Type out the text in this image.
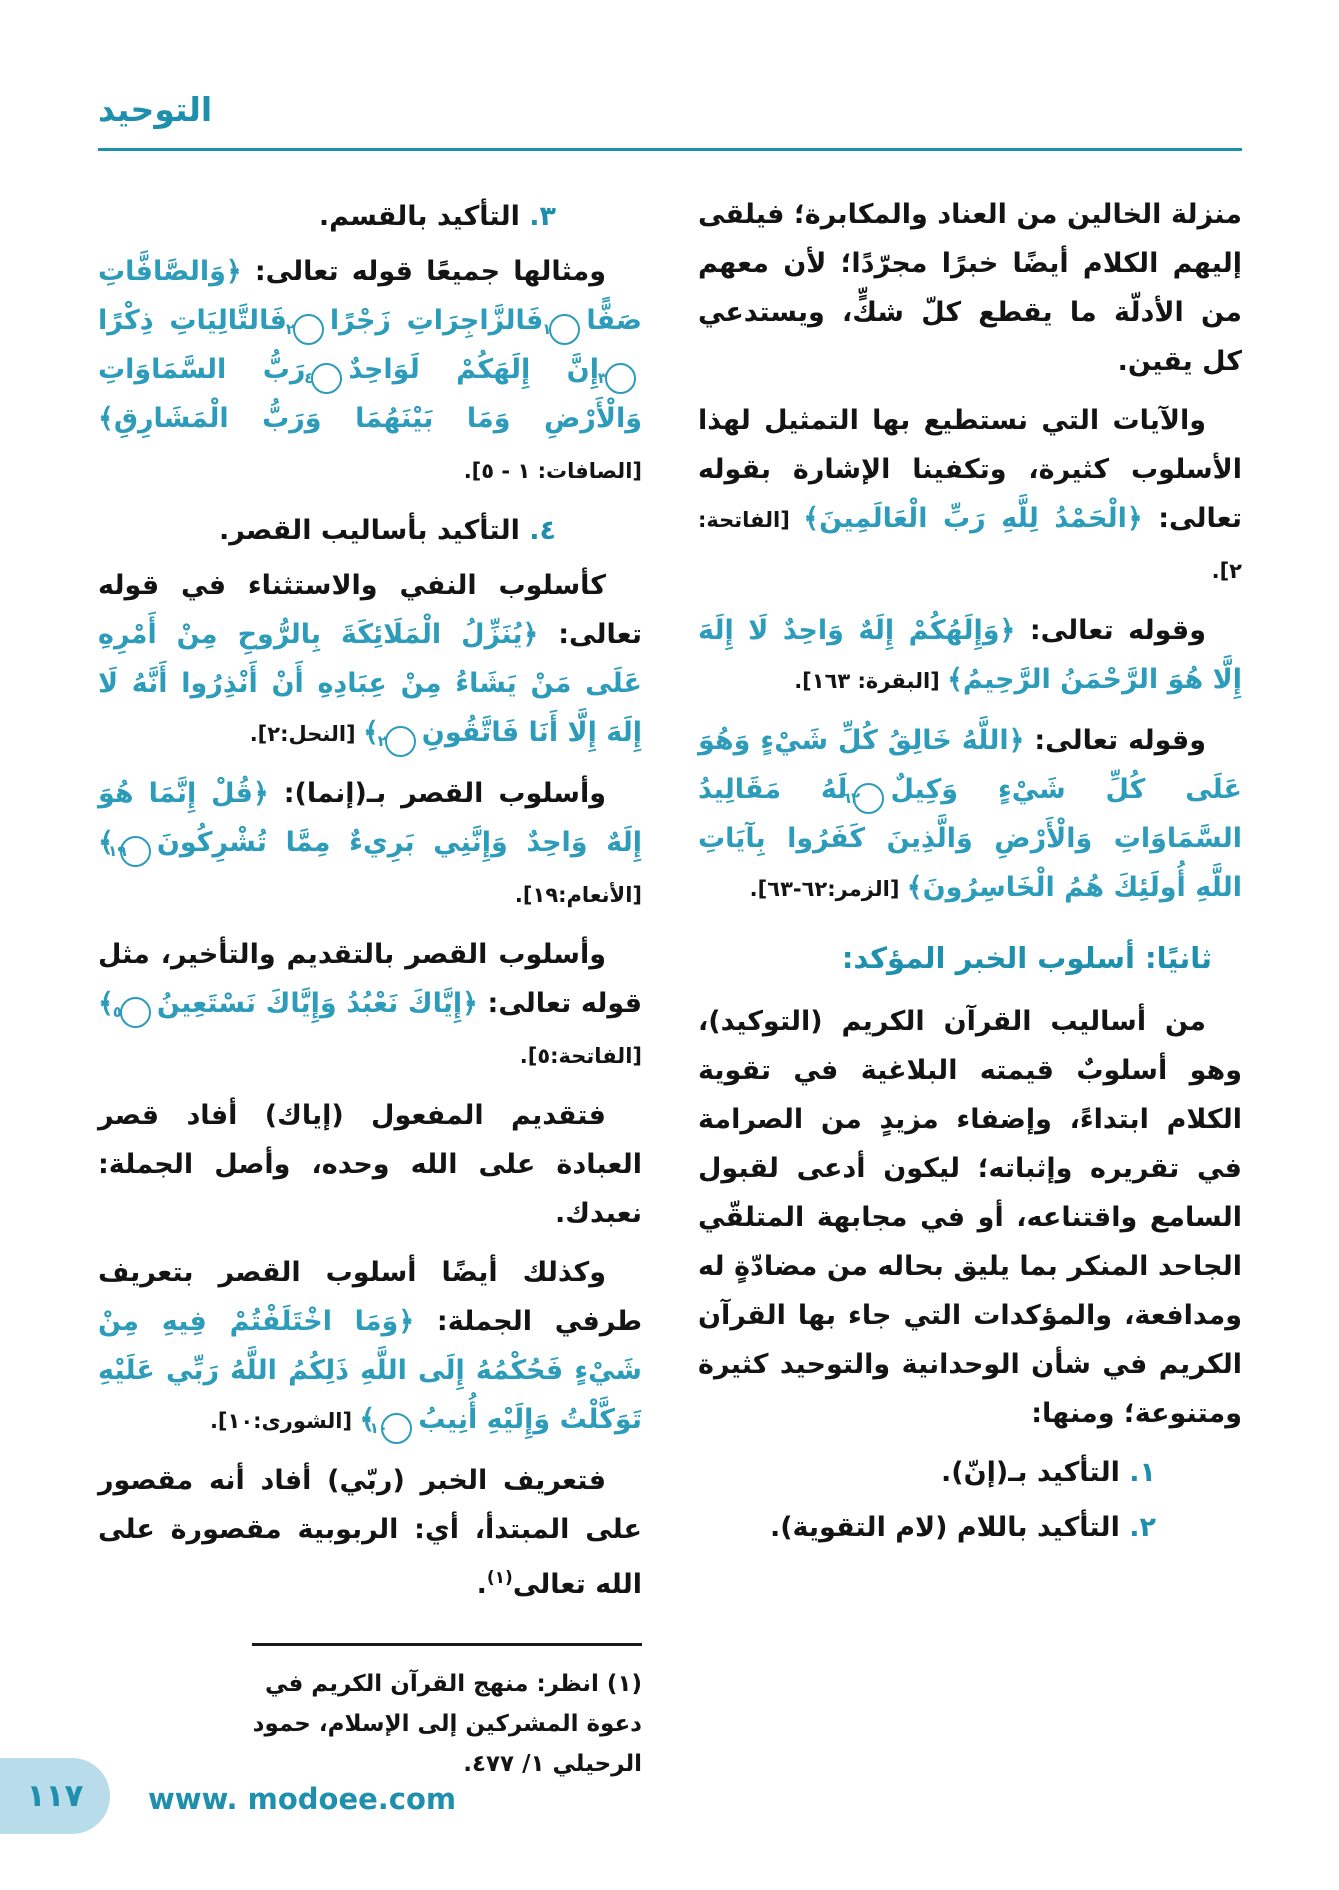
التوحيد

منزلة الخالين من العناد والمكابرة؛ فيلقى إليهم الكلام أيضًا خبرًا مجرّدًا؛ لأن معهم من الأدلّة ما يقطع كلّ شكٍّ، ويستدعي كل يقين.

والآيات التي نستطيع بها التمثيل لهذا الأسلوب كثيرة، وتكفينا الإشارة بقوله تعالى: ﴿الْحَمْدُ لِلَّهِ رَبِّ الْعَالَمِينَ﴾ [الفاتحة: ٢].

وقوله تعالى: ﴿وَإِلَهُكُمْ إِلَهٌ وَاحِدٌ لَا إِلَهَ إِلَّا هُوَ الرَّحْمَنُ الرَّحِيمُ﴾ [البقرة: ١٦٣].

وقوله تعالى: ﴿اللَّهُ خَالِقُ كُلِّ شَيْءٍ وَهُوَ عَلَى كُلِّ شَيْءٍ وَكِيلٌ٦٢لَهُ مَقَالِيدُ السَّمَاوَاتِ وَالْأَرْضِ وَالَّذِينَ كَفَرُوا بِآيَاتِ اللَّهِ أُولَئِكَ هُمُ الْخَاسِرُونَ﴾ [الزمر:٦٢-٦٣].

ثانيًا: أسلوب الخبر المؤكد:

من أساليب القرآن الكريم (التوكيد)، وهو أسلوبٌ قيمته البلاغية في تقوية الكلام ابتداءً، وإضفاء مزيدٍ من الصرامة في تقريره وإثباته؛ ليكون أدعى لقبول السامع واقتناعه، أو في مجابهة المتلقّي الجاحد المنكر بما يليق بحاله من مضادّةٍ له ومدافعة، والمؤكدات التي جاء بها القرآن الكريم في شأن الوحدانية والتوحيد كثيرة ومتنوعة؛ ومنها:

١. التأكيد بـ(إنّ).

٢. التأكيد باللام (لام التقوية).

٣. التأكيد بالقسم.

ومثالها جميعًا قوله تعالى: ﴿وَالصَّافَّاتِ صَفًّا١فَالزَّاجِرَاتِ زَجْرًا٢فَالتَّالِيَاتِ ذِكْرًا٣إِنَّ إِلَهَكُمْ لَوَاحِدٌ٤رَبُّ السَّمَاوَاتِ وَالْأَرْضِ وَمَا بَيْنَهُمَا وَرَبُّ الْمَشَارِقِ﴾ [الصافات: ١ - ٥].

٤. التأكيد بأساليب القصر.

كأسلوب النفي والاستثناء في قوله تعالى: ﴿يُنَزِّلُ الْمَلَائِكَةَ بِالرُّوحِ مِنْ أَمْرِهِ عَلَى مَنْ يَشَاءُ مِنْ عِبَادِهِ أَنْ أَنْذِرُوا أَنَّهُ لَا إِلَهَ إِلَّا أَنَا فَاتَّقُونِ٢﴾ [النحل:٢].

وأسلوب القصر بـ(إنما): ﴿قُلْ إِنَّمَا هُوَ إِلَهٌ وَاحِدٌ وَإِنَّنِي بَرِيءٌ مِمَّا تُشْرِكُونَ١٩﴾ [الأنعام:١٩].

وأسلوب القصر بالتقديم والتأخير، مثل قوله تعالى: ﴿إِيَّاكَ نَعْبُدُ وَإِيَّاكَ نَسْتَعِينُ٥﴾ [الفاتحة:٥].

فتقديم المفعول (إياك) أفاد قصر العبادة على الله وحده، وأصل الجملة: نعبدك.

وكذلك أيضًا أسلوب القصر بتعريف طرفي الجملة: ﴿وَمَا اخْتَلَفْتُمْ فِيهِ مِنْ شَيْءٍ فَحُكْمُهُ إِلَى اللَّهِ ذَلِكُمُ اللَّهُ رَبِّي عَلَيْهِ تَوَكَّلْتُ وَإِلَيْهِ أُنِيبُ١٠﴾ [الشورى:١٠].

فتعريف الخبر (ربّي) أفاد أنه مقصور على المبتدأ، أي: الربوبية مقصورة على الله تعالى$^{(١)}$.

(١) انظر: منهج القرآن الكريم في دعوة المشركين إلى الإسلام، حمود الرحيلي ١/ ٤٧٧.

١١٧ www. modoee.com
